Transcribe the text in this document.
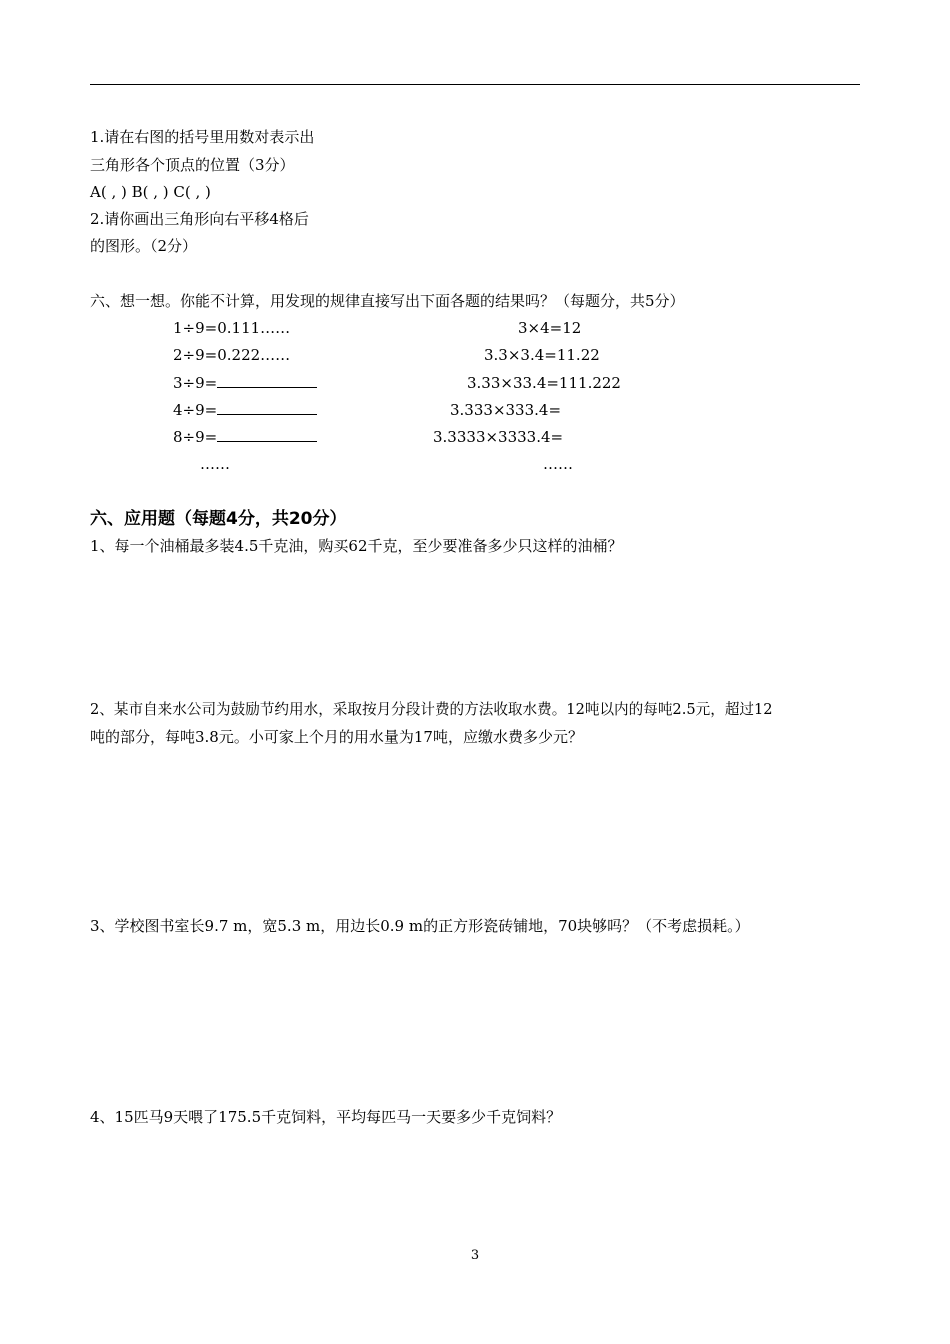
1.请在右图的括号里用数对表示出
三角形各个顶点的位置（3分）
A( , ) B( , ) C( , )
2.请你画出三角形向右平移4格后
的图形。（2分）
六、想一想。你能不计算，用发现的规律直接写出下面各题的结果吗？（每题分，共5分）
1÷9=0.111……
2÷9=0.222……
3÷9=
4÷9=
8÷9=
……
3×4=12
3.3×3.4=11.22
3.33×33.4=111.222
3.333×333.4=
3.3333×3333.4=
……
六、应用题（每题4分，共20分）
1、每一个油桶最多装4.5千克油，购买62千克，至少要准备多少只这样的油桶？
2、某市自来水公司为鼓励节约用水，采取按月分段计费的方法收取水费。12吨以内的每吨2.5元，超过12
吨的部分，每吨3.8元。小可家上个月的用水量为17吨，应缴水费多少元？
3、学校图书室长9.7 m，宽5.3 m，用边长0.9 m的正方形瓷砖铺地，70块够吗？（不考虑损耗。）
4、15匹马9天喂了175.5千克饲料，平均每匹马一天要多少千克饲料？
3
